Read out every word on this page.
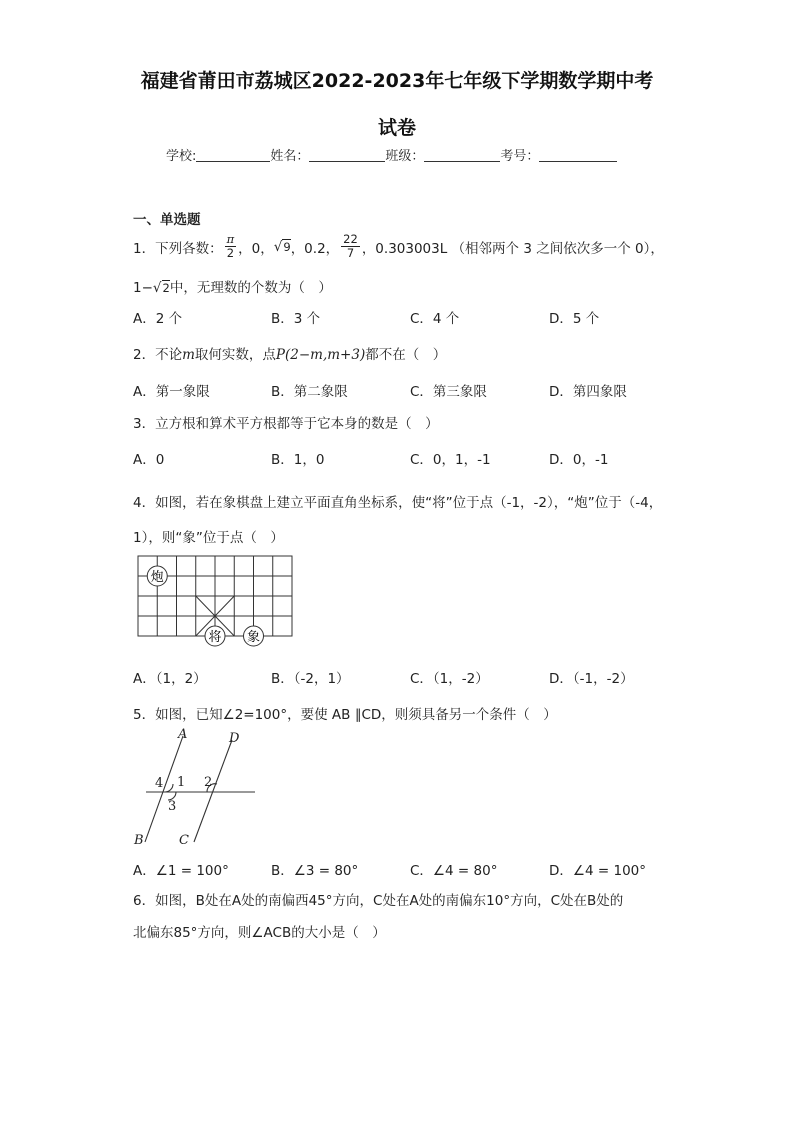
福建省莆田市荔城区2022-2023年七年级下学期数学期中考
试卷
学校:	姓名：	班级：	考号：
一、单选题
1．下列各数： $\frac{\pi}{2}$ ，0， √9 ，0.2， $\frac{22}{7}$ ，0.303003L （相邻两个 3 之间依次多一个 0），
1−√2中，无理数的个数为（　）
A．2 个	B．3 个	C．4 个	D．5 个
2．不论m取何实数，点P(2−m,m+3)都不在（　）
A．第一象限	B．第二象限	C．第三象限	D．第四象限
3．立方根和算术平方根都等于它本身的数是（　）
A．0	B．1，0	C．0，1，-1	D．0，-1
4．如图，若在象棋盘上建立平面直角坐标系，使“将”位于点（-1，-2），“炮”位于（-4，
1），则“象”位于点（　）
炮
将 象
A．（1，2）	B．（-2，1）	C．（1，-2）	D．（-1，-2）
5．如图，已知∠2=100°，要使 AB ∥CD，则须具备另一个条件（　）
A	D
B	C
1 2
3
4
A．∠1 = 100°	B．∠3 = 80°	C．∠4 = 80°	D．∠4 = 100°
6．如图，B处在A处的南偏西45°方向，C处在A处的南偏东10°方向，C处在B处的
北偏东85°方向，则∠ACB的大小是（　）
